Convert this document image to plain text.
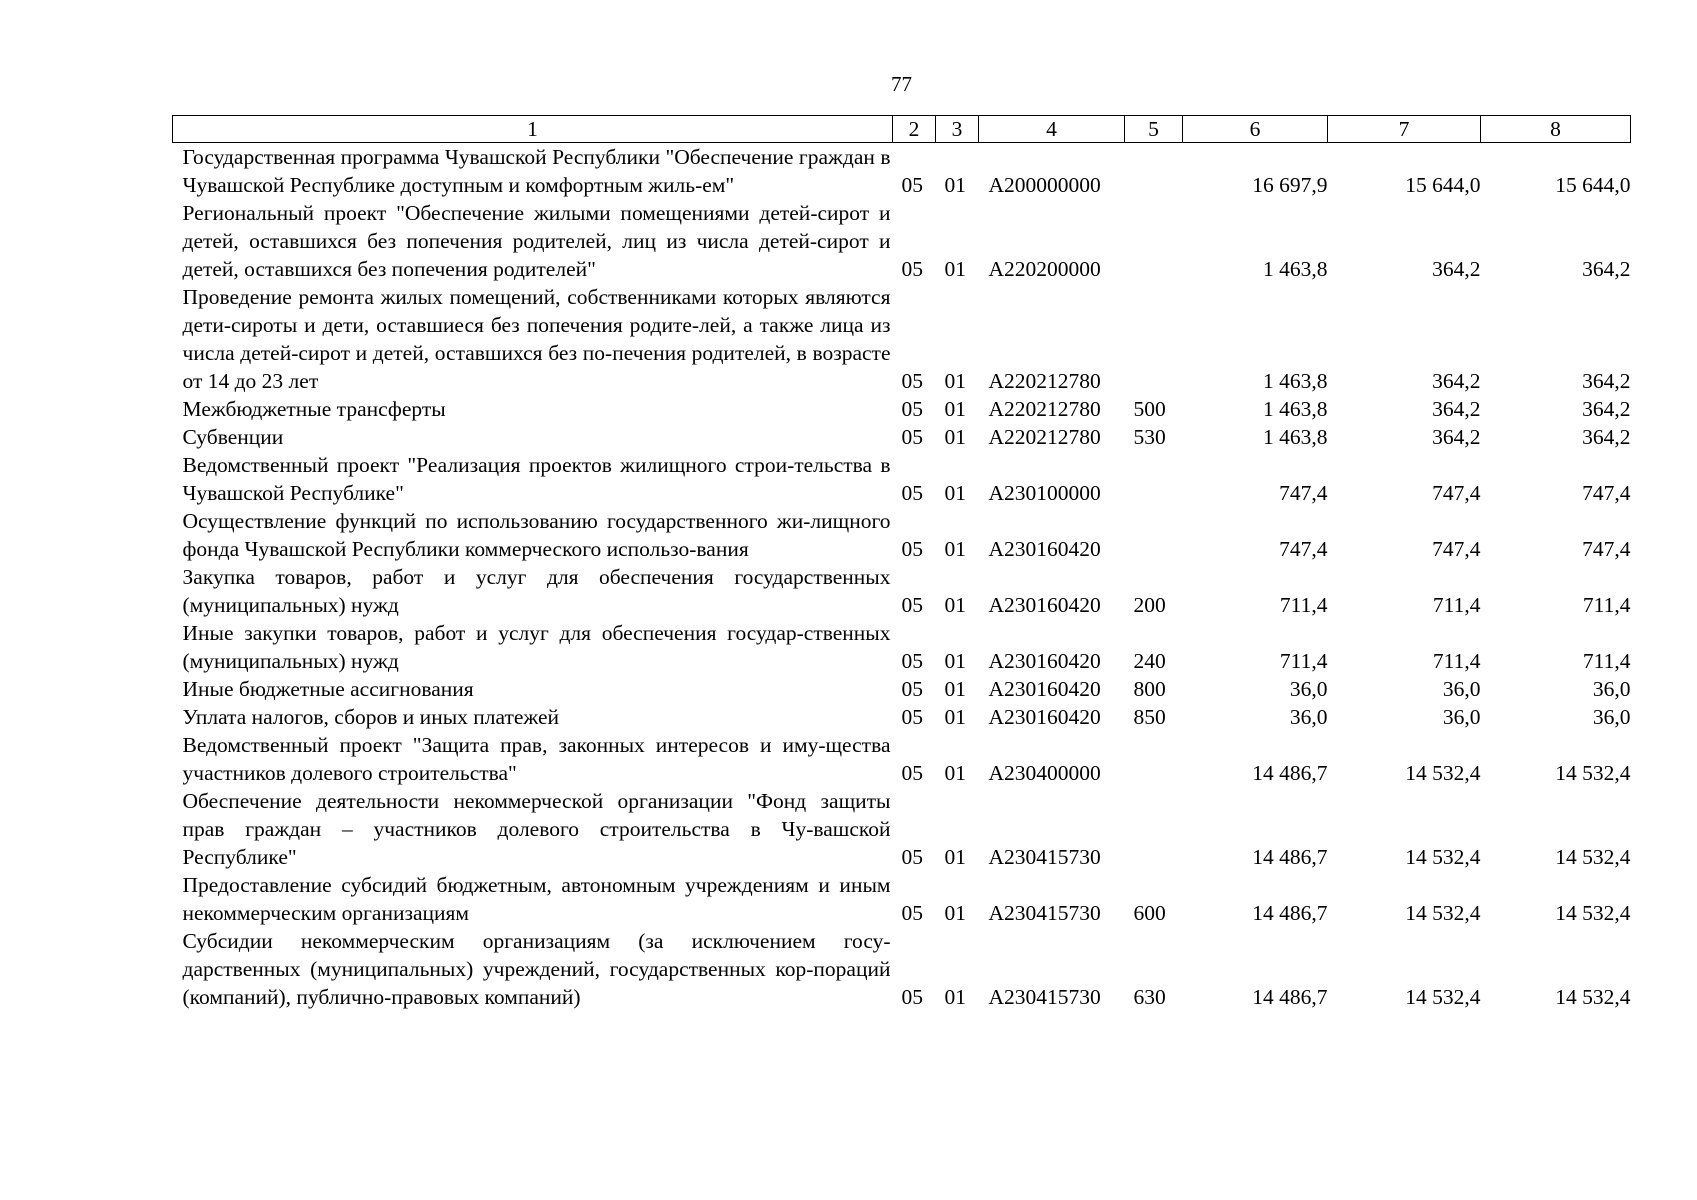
77
1	2	3	4	5	6	7	8
Государственная программа Чувашской Республики "Обеспечение граждан в Чувашской Республике доступным и комфортным жиль-ем"	05	01	А200000000		16 697,9	15 644,0	15 644,0
Региональный проект "Обеспечение жилыми помещениями детей-сирот и детей, оставшихся без попечения родителей, лиц из числа детей-сирот и детей, оставшихся без попечения родителей"	05	01	А220200000		1 463,8	364,2	364,2
Проведение ремонта жилых помещений, собственниками которых являются дети-сироты и дети, оставшиеся без попечения родите-лей, а также лица из числа детей-сирот и детей, оставшихся без по-печения родителей, в возрасте от 14 до 23 лет	05	01	А220212780		1 463,8	364,2	364,2
Межбюджетные трансферты	05	01	А220212780	500	1 463,8	364,2	364,2
Субвенции	05	01	А220212780	530	1 463,8	364,2	364,2
Ведомственный проект "Реализация проектов жилищного строи-тельства в Чувашской Республике"	05	01	А230100000		747,4	747,4	747,4
Осуществление функций по использованию государственного жи-лищного фонда Чувашской Республики коммерческого использо-вания	05	01	А230160420		747,4	747,4	747,4
Закупка товаров, работ и услуг для обеспечения государственных (муниципальных) нужд	05	01	А230160420	200	711,4	711,4	711,4
Иные закупки товаров, работ и услуг для обеспечения государ-ственных (муниципальных) нужд	05	01	А230160420	240	711,4	711,4	711,4
Иные бюджетные ассигнования	05	01	А230160420	800	36,0	36,0	36,0
Уплата налогов, сборов и иных платежей	05	01	А230160420	850	36,0	36,0	36,0
Ведомственный проект "Защита прав, законных интересов и иму-щества участников долевого строительства"	05	01	А230400000		14 486,7	14 532,4	14 532,4
Обеспечение деятельности некоммерческой организации "Фонд защиты прав граждан – участников долевого строительства в Чу-вашской Республике"	05	01	А230415730		14 486,7	14 532,4	14 532,4
Предоставление субсидий бюджетным, автономным учреждениям и иным некоммерческим организациям	05	01	А230415730	600	14 486,7	14 532,4	14 532,4
Субсидии некоммерческим организациям (за исключением госу-дарственных (муниципальных) учреждений, государственных кор-пораций (компаний), публично-правовых компаний)	05	01	А230415730	630	14 486,7	14 532,4	14 532,4
